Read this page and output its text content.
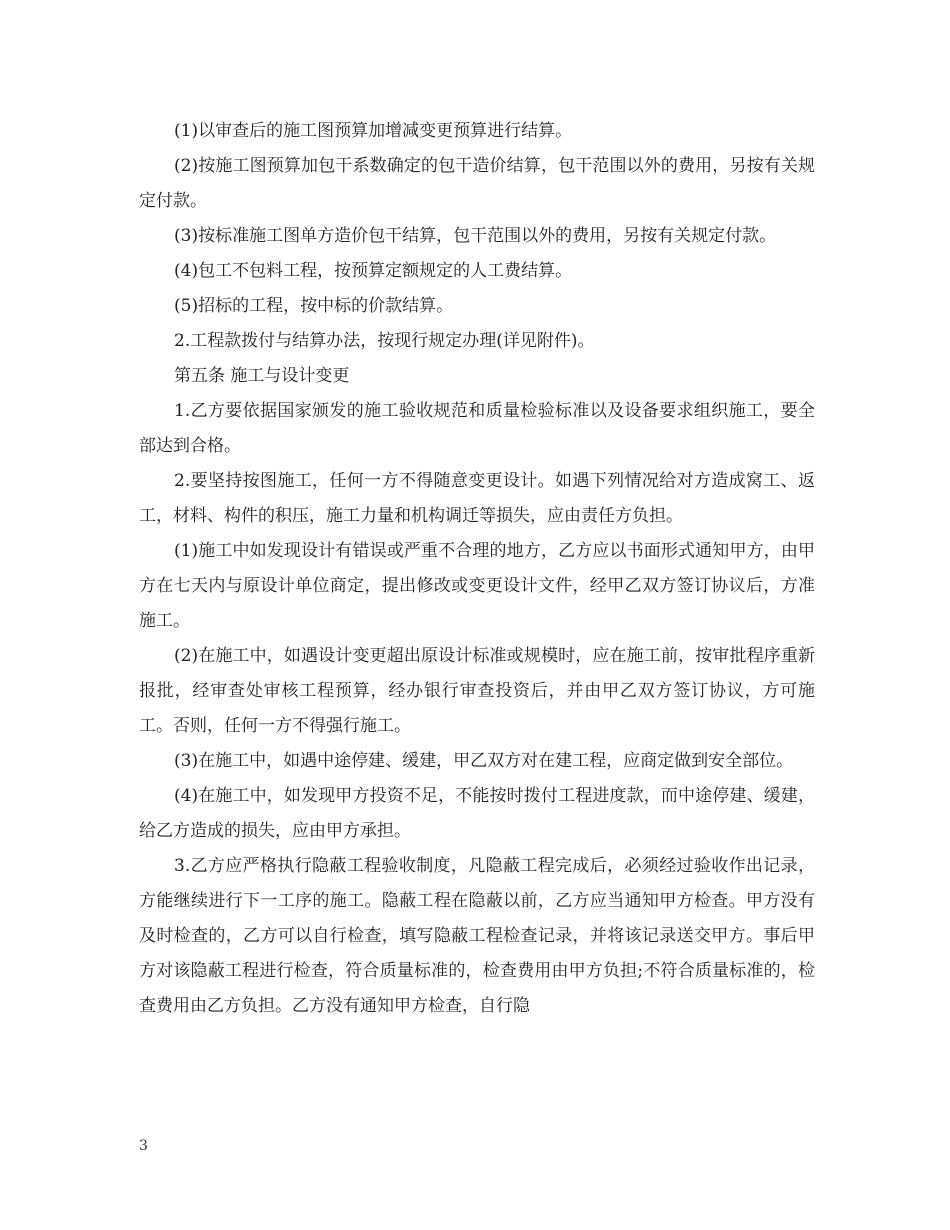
(1)以审查后的施工图预算加增减变更预算进行结算。

(2)按施工图预算加包干系数确定的包干造价结算，包干范围以外的费用，另按有关规定付款。

(3)按标准施工图单方造价包干结算，包干范围以外的费用，另按有关规定付款。

(4)包工不包料工程，按预算定额规定的人工费结算。

(5)招标的工程，按中标的价款结算。

2.工程款拨付与结算办法，按现行规定办理(详见附件)。

第五条 施工与设计变更

1.乙方要依据国家颁发的施工验收规范和质量检验标准以及设备要求组织施工，要全部达到合格。

2.要坚持按图施工，任何一方不得随意变更设计。如遇下列情况给对方造成窝工、返工，材料、构件的积压，施工力量和机构调迁等损失，应由责任方负担。

(1)施工中如发现设计有错误或严重不合理的地方，乙方应以书面形式通知甲方，由甲方在七天内与原设计单位商定，提出修改或变更设计文件，经甲乙双方签订协议后，方准施工。

(2)在施工中，如遇设计变更超出原设计标准或规模时，应在施工前，按审批程序重新报批，经审查处审核工程预算，经办银行审查投资后，并由甲乙双方签订协议，方可施工。否则，任何一方不得强行施工。

(3)在施工中，如遇中途停建、缓建，甲乙双方对在建工程，应商定做到安全部位。

(4)在施工中，如发现甲方投资不足，不能按时拨付工程进度款，而中途停建、缓建，给乙方造成的损失，应由甲方承担。

3.乙方应严格执行隐蔽工程验收制度，凡隐蔽工程完成后，必须经过验收作出记录，方能继续进行下一工序的施工。隐蔽工程在隐蔽以前，乙方应当通知甲方检查。甲方没有及时检查的，乙方可以自行检查，填写隐蔽工程检查记录，并将该记录送交甲方。事后甲方对该隐蔽工程进行检查，符合质量标准的，检查费用由甲方负担;不符合质量标准的，检查费用由乙方负担。乙方没有通知甲方检查，自行隐

3
